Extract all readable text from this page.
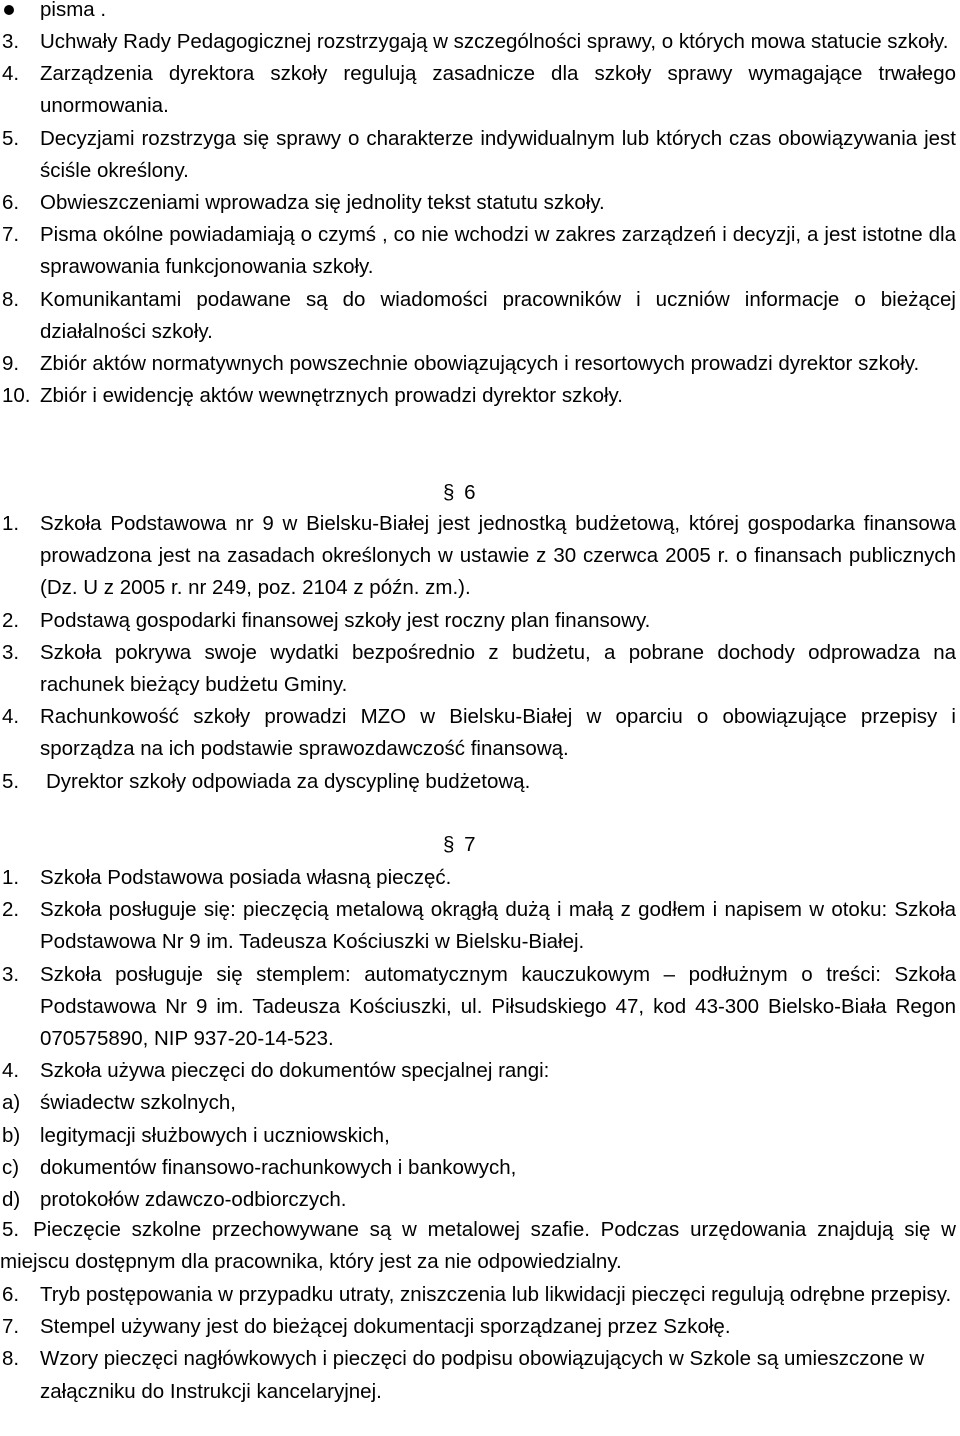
pisma .
3. Uchwały Rady Pedagogicznej rozstrzygają w szczególności sprawy, o których mowa statucie szkoły.
4. Zarządzenia dyrektora szkoły regulują zasadnicze dla szkoły sprawy wymagające trwałego unormowania.
5. Decyzjami rozstrzyga się sprawy o charakterze indywidualnym lub których czas obowiązywania jest ściśle określony.
6. Obwieszczeniami wprowadza się jednolity tekst statutu szkoły.
7. Pisma okólne powiadamiają o czymś , co nie wchodzi w zakres zarządzeń i decyzji, a jest istotne dla sprawowania funkcjonowania szkoły.
8. Komunikantami podawane są do wiadomości pracowników i uczniów informacje o bieżącej działalności szkoły.
9. Zbiór aktów normatywnych powszechnie obowiązujących i resortowych prowadzi dyrektor szkoły.
10. Zbiór i ewidencję aktów wewnętrznych prowadzi dyrektor szkoły.
§ 6
1. Szkoła Podstawowa nr 9 w Bielsku-Białej jest jednostką budżetową, której gospodarka finansowa prowadzona jest na zasadach określonych w ustawie z 30 czerwca 2005 r. o finansach publicznych (Dz. U z 2005 r. nr 249, poz. 2104 z późn. zm.).
2. Podstawą gospodarki finansowej szkoły jest roczny plan finansowy.
3. Szkoła pokrywa swoje wydatki bezpośrednio z budżetu, a pobrane dochody odprowadza na rachunek bieżący budżetu Gminy.
4. Rachunkowość szkoły prowadzi MZO w Bielsku-Białej w oparciu o obowiązujące przepisy i sporządza na ich podstawie sprawozdawczość finansową.
5. Dyrektor szkoły odpowiada za dyscyplinę budżetową.
§ 7
1. Szkoła Podstawowa posiada własną pieczęć.
2. Szkoła posługuje się: pieczęcią metalową okrągłą dużą i małą z godłem i napisem w otoku: Szkoła Podstawowa Nr 9 im. Tadeusza Kościuszki w Bielsku-Białej.
3. Szkoła posługuje się stemplem: automatycznym kauczukowym – podłużnym o treści: Szkoła Podstawowa Nr 9 im. Tadeusza Kościuszki, ul. Piłsudskiego 47, kod 43-300 Bielsko-Biała Regon 070575890, NIP 937-20-14-523.
4. Szkoła używa pieczęci do dokumentów specjalnej rangi:
a) świadectw szkolnych,
b) legitymacji służbowych i uczniowskich,
c) dokumentów finansowo-rachunkowych i bankowych,
d) protokołów zdawczo-odbiorczych.
5. Pieczęcie szkolne przechowywane są w metalowej szafie. Podczas urzędowania znajdują się w miejscu dostępnym dla pracownika, który jest za nie odpowiedzialny.
6. Tryb postępowania w przypadku utraty, zniszczenia lub likwidacji pieczęci regulują odrębne przepisy.
7. Stempel używany jest do bieżącej dokumentacji sporządzanej przez Szkołę.
8. Wzory pieczęci nagłówkowych i pieczęci do podpisu obowiązujących w Szkole są umieszczone w załączniku do Instrukcji kancelaryjnej.
